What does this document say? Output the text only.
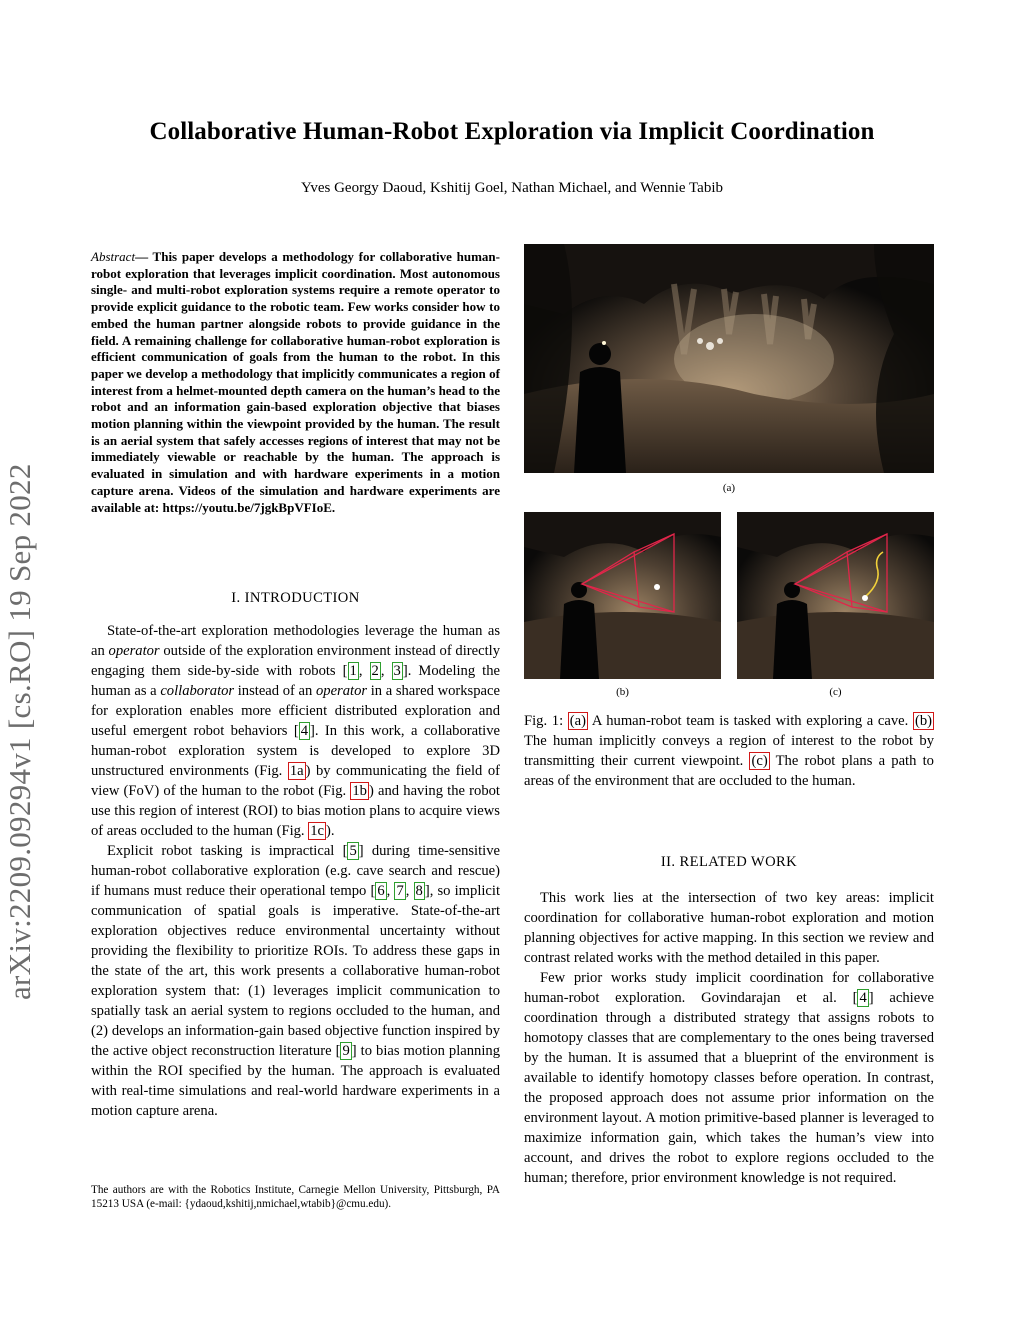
Collaborative Human-Robot Exploration via Implicit Coordination
Yves Georgy Daoud, Kshitij Goel, Nathan Michael, and Wennie Tabib
arXiv:2209.09294v1 [cs.RO] 19 Sep 2022
Abstract— This paper develops a methodology for collaborative human-robot exploration that leverages implicit coordination. Most autonomous single- and multi-robot exploration systems require a remote operator to provide explicit guidance to the robotic team. Few works consider how to embed the human partner alongside robots to provide guidance in the field. A remaining challenge for collaborative human-robot exploration is efficient communication of goals from the human to the robot. In this paper we develop a methodology that implicitly communicates a region of interest from a helmet-mounted depth camera on the human’s head to the robot and an information gain-based exploration objective that biases motion planning within the viewpoint provided by the human. The result is an aerial system that safely accesses regions of interest that may not be immediately viewable or reachable by the human. The approach is evaluated in simulation and with hardware experiments in a motion capture arena. Videos of the simulation and hardware experiments are available at: https://youtu.be/7jgkBpVFIoE.
I. INTRODUCTION

State-of-the-art exploration methodologies leverage the human as an operator outside of the exploration environment instead of directly engaging them side-by-side with robots [ 1 , 2 , 3 ]. Modeling the human as a collaborator instead of an operator in a shared workspace for exploration enables more efficient distributed exploration and useful emergent robot behaviors [ 4 ]. In this work, a collaborative human-robot exploration system is developed to explore 3D unstructured environments (Fig. 1a ) by communicating the field of view (FoV) of the human to the robot (Fig. 1b ) and having the robot use this region of interest (ROI) to bias motion plans to acquire views of areas occluded to the human (Fig. 1c ).

Explicit robot tasking is impractical [ 5 ] during time-sensitive human-robot collaborative exploration (e.g. cave search and rescue) if humans must reduce their operational tempo [ 6 , 7 , 8 ], so implicit communication of spatial goals is imperative. State-of-the-art exploration objectives reduce environmental uncertainty without providing the flexibility to prioritize ROIs. To address these gaps in the state of the art, this work presents a collaborative human-robot exploration system that: (1) leverages implicit communication to spatially task an aerial system to regions occluded to the human, and (2) develops an information-gain based objective function inspired by the active object reconstruction literature [ 9 ] to bias motion planning within the ROI specified by the human. The approach is evaluated with real-time simulations and real-world hardware experiments in a motion capture arena.

The authors are with the Robotics Institute, Carnegie Mellon University, Pittsburgh, PA 15213 USA (e-mail: {ydaoud,kshitij,nmichael,wtabib}@cmu.edu).
(a)
(b)	(c)
Fig. 1: (a) A human-robot team is tasked with exploring a cave. (b) The human implicitly conveys a region of interest to the robot by transmitting their current viewpoint. (c) The robot plans a path to areas of the environment that are occluded to the human.
II. RELATED WORK

This work lies at the intersection of two key areas: implicit coordination for collaborative human-robot exploration and motion planning objectives for active mapping. In this section we review and contrast related works with the method detailed in this paper.

Few prior works study implicit coordination for collaborative human-robot exploration. Govindarajan et al. [ 4 ] achieve coordination through a distributed strategy that assigns robots to homotopy classes that are complementary to the ones being traversed by the human. It is assumed that a blueprint of the environment is available to identify homotopy classes before operation. In contrast, the proposed approach does not assume prior information on the environment layout. A motion primitive-based planner is leveraged to maximize information gain, which takes the human’s view into account, and drives the robot to explore regions occluded to the human; therefore, prior environment knowledge is not required.
